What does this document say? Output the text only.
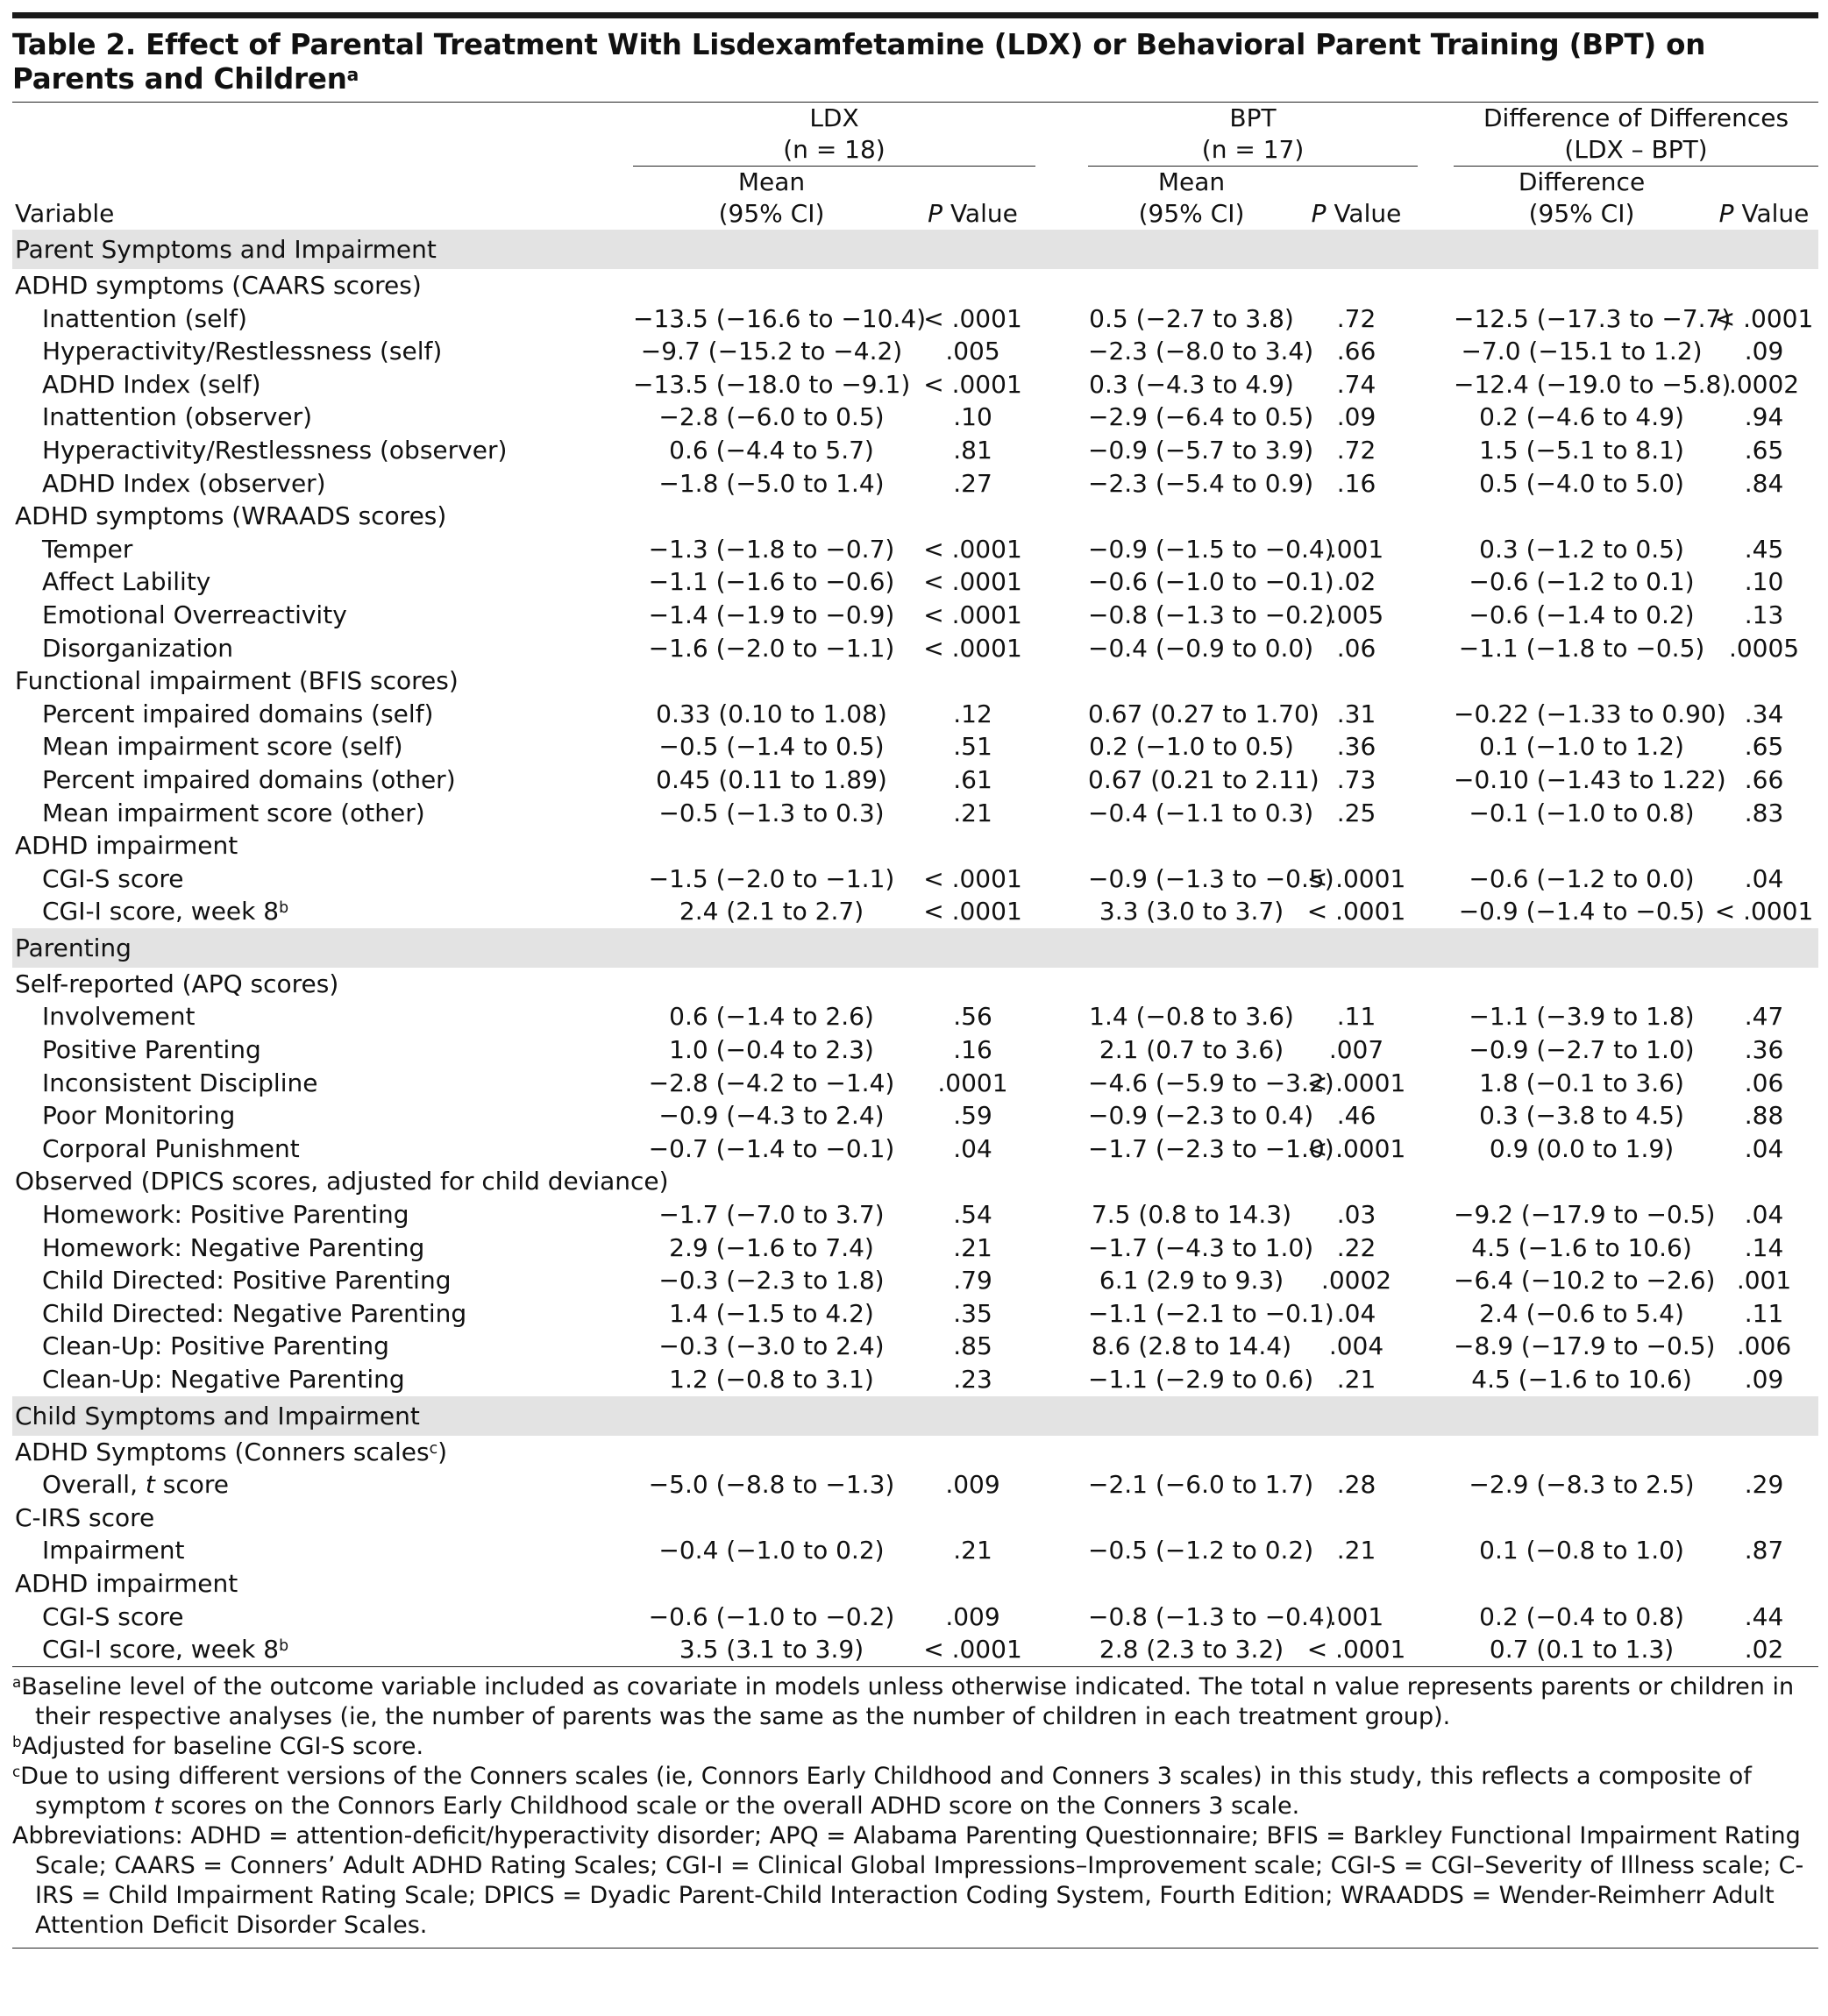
Table 2. Effect of Parental Treatment With Lisdexamfetamine (LDX) or Behavioral Parent Training (BPT) on Parents and Children$^a$
	LDX			BPT			Difference of Differences	
	(n = 18)			(n = 17)			(LDX – BPT)	
	Mean			Mean			Difference	
Variable	(95% CI)	P Value		(95% CI)	P Value		(95% CI)	P Value
Parent Symptoms and Impairment								
ADHD symptoms (CAARS scores)								
Inattention (self)	−13.5 (−16.6 to −10.4)	< .0001		0.5 (−2.7 to 3.8)	.72		−12.5 (−17.3 to −7.7)	< .0001
Hyperactivity/Restlessness (self)	−9.7 (−15.2 to −4.2)	.005		−2.3 (−8.0 to 3.4)	.66		−7.0 (−15.1 to 1.2)	.09
ADHD Index (self)	−13.5 (−18.0 to −9.1)	< .0001		0.3 (−4.3 to 4.9)	.74		−12.4 (−19.0 to −5.8)	.0002
Inattention (observer)	−2.8 (−6.0 to 0.5)	.10		−2.9 (−6.4 to 0.5)	.09		0.2 (−4.6 to 4.9)	.94
Hyperactivity/Restlessness (observer)	0.6 (−4.4 to 5.7)	.81		−0.9 (−5.7 to 3.9)	.72		1.5 (−5.1 to 8.1)	.65
ADHD Index (observer)	−1.8 (−5.0 to 1.4)	.27		−2.3 (−5.4 to 0.9)	.16		0.5 (−4.0 to 5.0)	.84
ADHD symptoms (WRAADS scores)								
Temper	−1.3 (−1.8 to −0.7)	< .0001		−0.9 (−1.5 to −0.4)	.001		0.3 (−1.2 to 0.5)	.45
Affect Lability	−1.1 (−1.6 to −0.6)	< .0001		−0.6 (−1.0 to −0.1)	.02		−0.6 (−1.2 to 0.1)	.10
Emotional Overreactivity	−1.4 (−1.9 to −0.9)	< .0001		−0.8 (−1.3 to −0.2)	.005		−0.6 (−1.4 to 0.2)	.13
Disorganization	−1.6 (−2.0 to −1.1)	< .0001		−0.4 (−0.9 to 0.0)	.06		−1.1 (−1.8 to −0.5)	.0005
Functional impairment (BFIS scores)								
Percent impaired domains (self)	0.33 (0.10 to 1.08)	.12		0.67 (0.27 to 1.70)	.31		−0.22 (−1.33 to 0.90)	.34
Mean impairment score (self)	−0.5 (−1.4 to 0.5)	.51		0.2 (−1.0 to 0.5)	.36		0.1 (−1.0 to 1.2)	.65
Percent impaired domains (other)	0.45 (0.11 to 1.89)	.61		0.67 (0.21 to 2.11)	.73		−0.10 (−1.43 to 1.22)	.66
Mean impairment score (other)	−0.5 (−1.3 to 0.3)	.21		−0.4 (−1.1 to 0.3)	.25		−0.1 (−1.0 to 0.8)	.83
ADHD impairment								
CGI-S score	−1.5 (−2.0 to −1.1)	< .0001		−0.9 (−1.3 to −0.5)	< .0001		−0.6 (−1.2 to 0.0)	.04
CGI-I score, week 8$^b$	2.4 (2.1 to 2.7)	< .0001		3.3 (3.0 to 3.7)	< .0001		−0.9 (−1.4 to −0.5)	< .0001
Parenting								
Self-reported (APQ scores)								
Involvement	0.6 (−1.4 to 2.6)	.56		1.4 (−0.8 to 3.6)	.11		−1.1 (−3.9 to 1.8)	.47
Positive Parenting	1.0 (−0.4 to 2.3)	.16		2.1 (0.7 to 3.6)	.007		−0.9 (−2.7 to 1.0)	.36
Inconsistent Discipline	−2.8 (−4.2 to −1.4)	.0001		−4.6 (−5.9 to −3.2)	< .0001		1.8 (−0.1 to 3.6)	.06
Poor Monitoring	−0.9 (−4.3 to 2.4)	.59		−0.9 (−2.3 to 0.4)	.46		0.3 (−3.8 to 4.5)	.88
Corporal Punishment	−0.7 (−1.4 to −0.1)	.04		−1.7 (−2.3 to −1.0)	< .0001		0.9 (0.0 to 1.9)	.04
Observed (DPICS scores, adjusted for child deviance)								
Homework: Positive Parenting	−1.7 (−7.0 to 3.7)	.54		7.5 (0.8 to 14.3)	.03		−9.2 (−17.9 to −0.5)	.04
Homework: Negative Parenting	2.9 (−1.6 to 7.4)	.21		−1.7 (−4.3 to 1.0)	.22		4.5 (−1.6 to 10.6)	.14
Child Directed: Positive Parenting	−0.3 (−2.3 to 1.8)	.79		6.1 (2.9 to 9.3)	.0002		−6.4 (−10.2 to −2.6)	.001
Child Directed: Negative Parenting	1.4 (−1.5 to 4.2)	.35		−1.1 (−2.1 to −0.1)	.04		2.4 (−0.6 to 5.4)	.11
Clean-Up: Positive Parenting	−0.3 (−3.0 to 2.4)	.85		8.6 (2.8 to 14.4)	.004		−8.9 (−17.9 to −0.5)	.006
Clean-Up: Negative Parenting	1.2 (−0.8 to 3.1)	.23		−1.1 (−2.9 to 0.6)	.21		4.5 (−1.6 to 10.6)	.09
Child Symptoms and Impairment								
ADHD Symptoms (Conners scales$^c$)								
Overall, t score	−5.0 (−8.8 to −1.3)	.009		−2.1 (−6.0 to 1.7)	.28		−2.9 (−8.3 to 2.5)	.29
C-IRS score								
Impairment	−0.4 (−1.0 to 0.2)	.21		−0.5 (−1.2 to 0.2)	.21		0.1 (−0.8 to 1.0)	.87
ADHD impairment								
CGI-S score	−0.6 (−1.0 to −0.2)	.009		−0.8 (−1.3 to −0.4)	.001		0.2 (−0.4 to 0.8)	.44
CGI-I score, week 8$^b$	3.5 (3.1 to 3.9)	< .0001		2.8 (2.3 to 3.2)	< .0001		0.7 (0.1 to 1.3)	.02

$^a$Baseline level of the outcome variable included as covariate in models unless otherwise indicated. The total n value represents parents or children in their respective analyses (ie, the number of parents was the same as the number of children in each treatment group).

$^b$Adjusted for baseline CGI-S score.

$^c$Due to using different versions of the Conners scales (ie, Connors Early Childhood and Conners 3 scales) in this study, this reflects a composite of symptom t scores on the Connors Early Childhood scale or the overall ADHD score on the Conners 3 scale.

Abbreviations: ADHD = attention-deficit/hyperactivity disorder; APQ = Alabama Parenting Questionnaire; BFIS = Barkley Functional Impairment Rating Scale; CAARS = Conners’ Adult ADHD Rating Scales; CGI-I = Clinical Global Impressions–Improvement scale; CGI-S = CGI–Severity of Illness scale; C-IRS = Child Impairment Rating Scale; DPICS = Dyadic Parent-Child Interaction Coding System, Fourth Edition; WRAADDS = Wender-Reimherr Adult Attention Deficit Disorder Scales.
